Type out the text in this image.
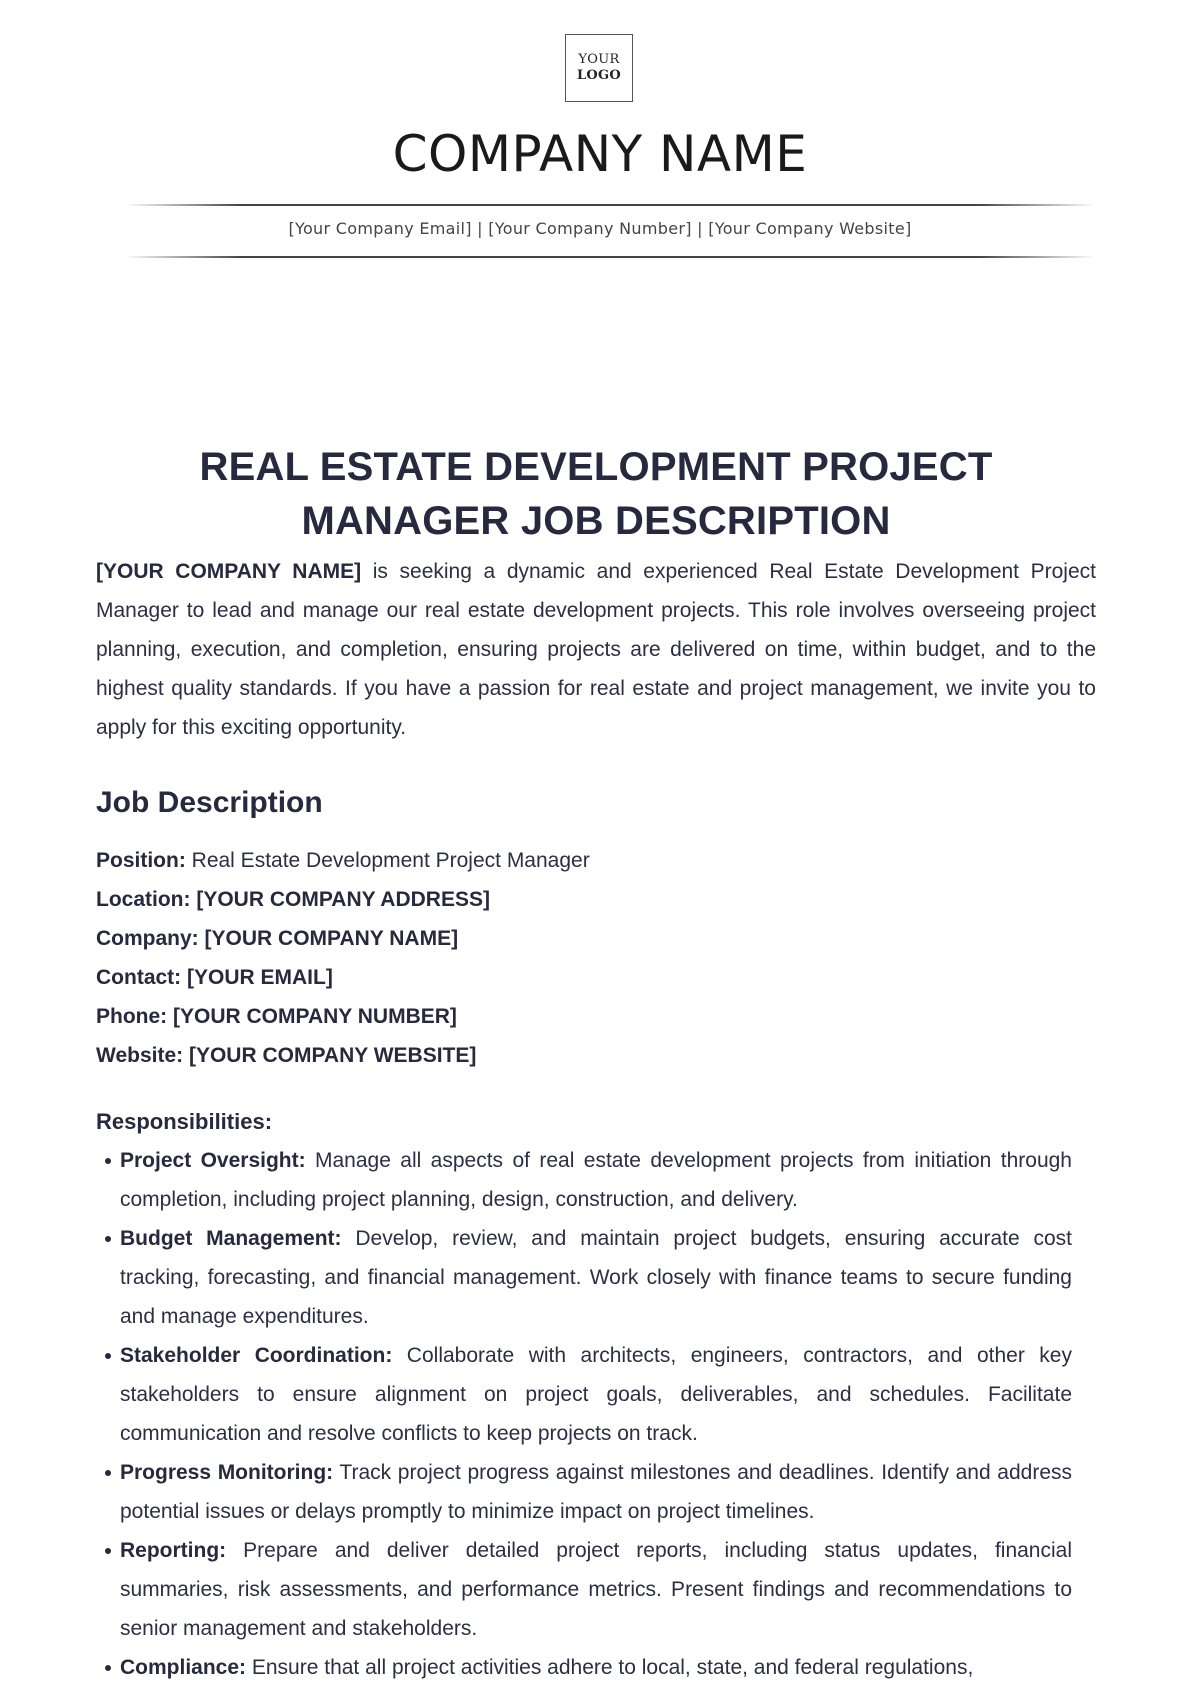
YOUR
LOGO
COMPANY NAME
[Your Company Email] | [Your Company Number] | [Your Company Website]
REAL ESTATE DEVELOPMENT PROJECT MANAGER JOB DESCRIPTION

[YOUR COMPANY NAME] is seeking a dynamic and experienced Real Estate Development Project Manager to lead and manage our real estate development projects. This role involves overseeing project planning, execution, and completion, ensuring projects are delivered on time, within budget, and to the highest quality standards. If you have a passion for real estate and project management, we invite you to apply for this exciting opportunity.

Job Description
Position: Real Estate Development Project Manager
Location: [YOUR COMPANY ADDRESS]
Company: [YOUR COMPANY NAME]
Contact: [YOUR EMAIL]
Phone: [YOUR COMPANY NUMBER]
Website: [YOUR COMPANY WEBSITE]
Responsibilities:
Project Oversight: Manage all aspects of real estate development projects from initiation through completion, including project planning, design, construction, and delivery.
Budget Management: Develop, review, and maintain project budgets, ensuring accurate cost tracking, forecasting, and financial management. Work closely with finance teams to secure funding and manage expenditures.
Stakeholder Coordination: Collaborate with architects, engineers, contractors, and other key stakeholders to ensure alignment on project goals, deliverables, and schedules. Facilitate communication and resolve conflicts to keep projects on track.
Progress Monitoring: Track project progress against milestones and deadlines. Identify and address potential issues or delays promptly to minimize impact on project timelines.
Reporting: Prepare and deliver detailed project reports, including status updates, financial summaries, risk assessments, and performance metrics. Present findings and recommendations to senior management and stakeholders.
Compliance: Ensure that all project activities adhere to local, state, and federal regulations,
